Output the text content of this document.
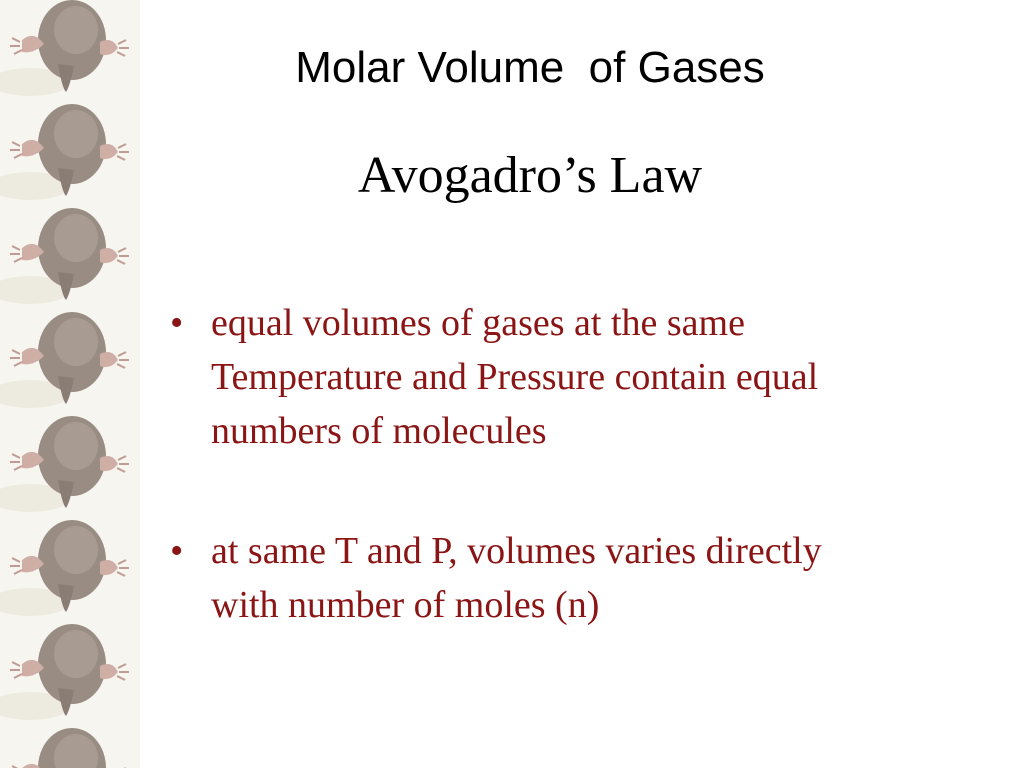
Molar Volume  of Gases
Avogadro’s Law
• equal volumes of gases at the same Temperature and Pressure contain equal numbers of molecules
• at same T and P, volumes varies directly with number of moles (n)
